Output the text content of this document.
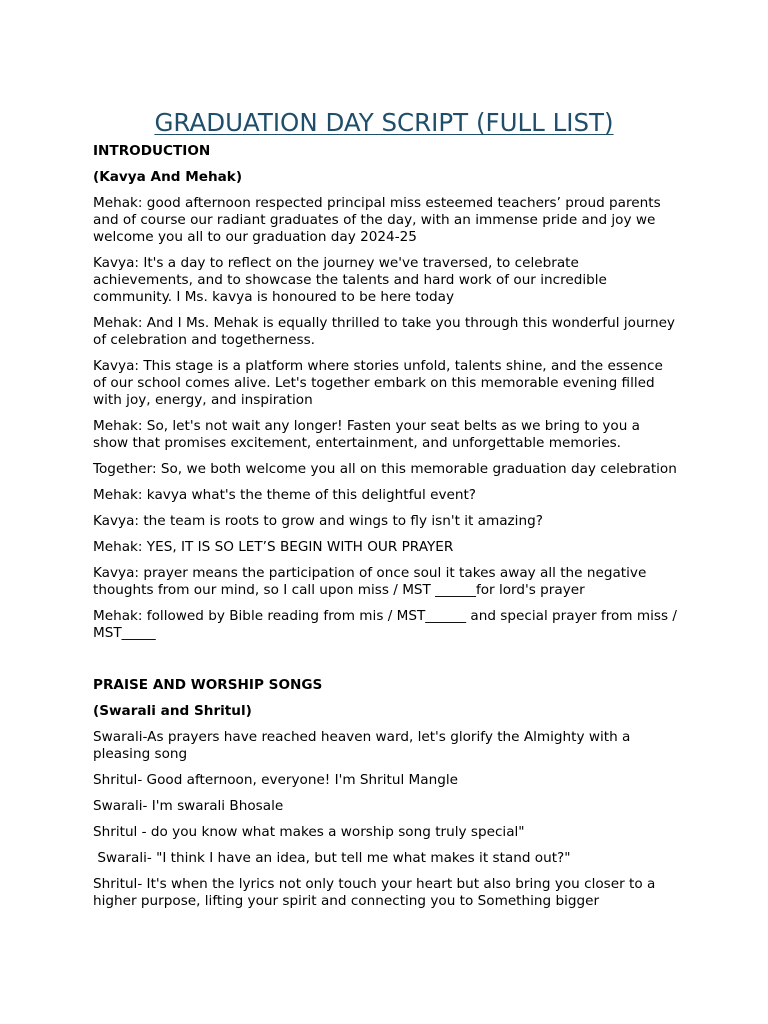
GRADUATION DAY SCRIPT (FULL LIST)
INTRODUCTION
(Kavya And Mehak)
Mehak: good afternoon respected principal miss esteemed teachers’ proud parents and of course our radiant graduates of the day, with an immense pride and joy we welcome you all to our graduation day 2024-25
Kavya: It's a day to reflect on the journey we've traversed, to celebrate achievements, and to showcase the talents and hard work of our incredible community. I Ms. kavya is honoured to be here today
Mehak: And I Ms. Mehak is equally thrilled to take you through this wonderful journey of celebration and togetherness.
Kavya: This stage is a platform where stories unfold, talents shine, and the essence of our school comes alive. Let's together embark on this memorable evening filled with joy, energy, and inspiration
Mehak: So, let's not wait any longer! Fasten your seat belts as we bring to you a show that promises excitement, entertainment, and unforgettable memories.
Together: So, we both welcome you all on this memorable graduation day celebration
Mehak: kavya what's the theme of this delightful event?
Kavya: the team is roots to grow and wings to fly isn't it amazing?
Mehak: YES, IT IS SO LET’S BEGIN WITH OUR PRAYER
Kavya: prayer means the participation of once soul it takes away all the negative thoughts from our mind, so I call upon miss / MST ______for lord's prayer
Mehak: followed by Bible reading from mis / MST______ and special prayer from miss / MST_____
PRAISE AND WORSHIP SONGS
(Swarali and Shritul)
Swarali-As prayers have reached heaven ward, let's glorify the Almighty with a pleasing song
Shritul- Good afternoon, everyone! I'm Shritul Mangle
Swarali- I'm swarali Bhosale
Shritul - do you know what makes a worship song truly special"
Swarali- "I think I have an idea, but tell me what makes it stand out?"
Shritul- It's when the lyrics not only touch your heart but also bring you closer to a higher purpose, lifting your spirit and connecting you to Something bigger
